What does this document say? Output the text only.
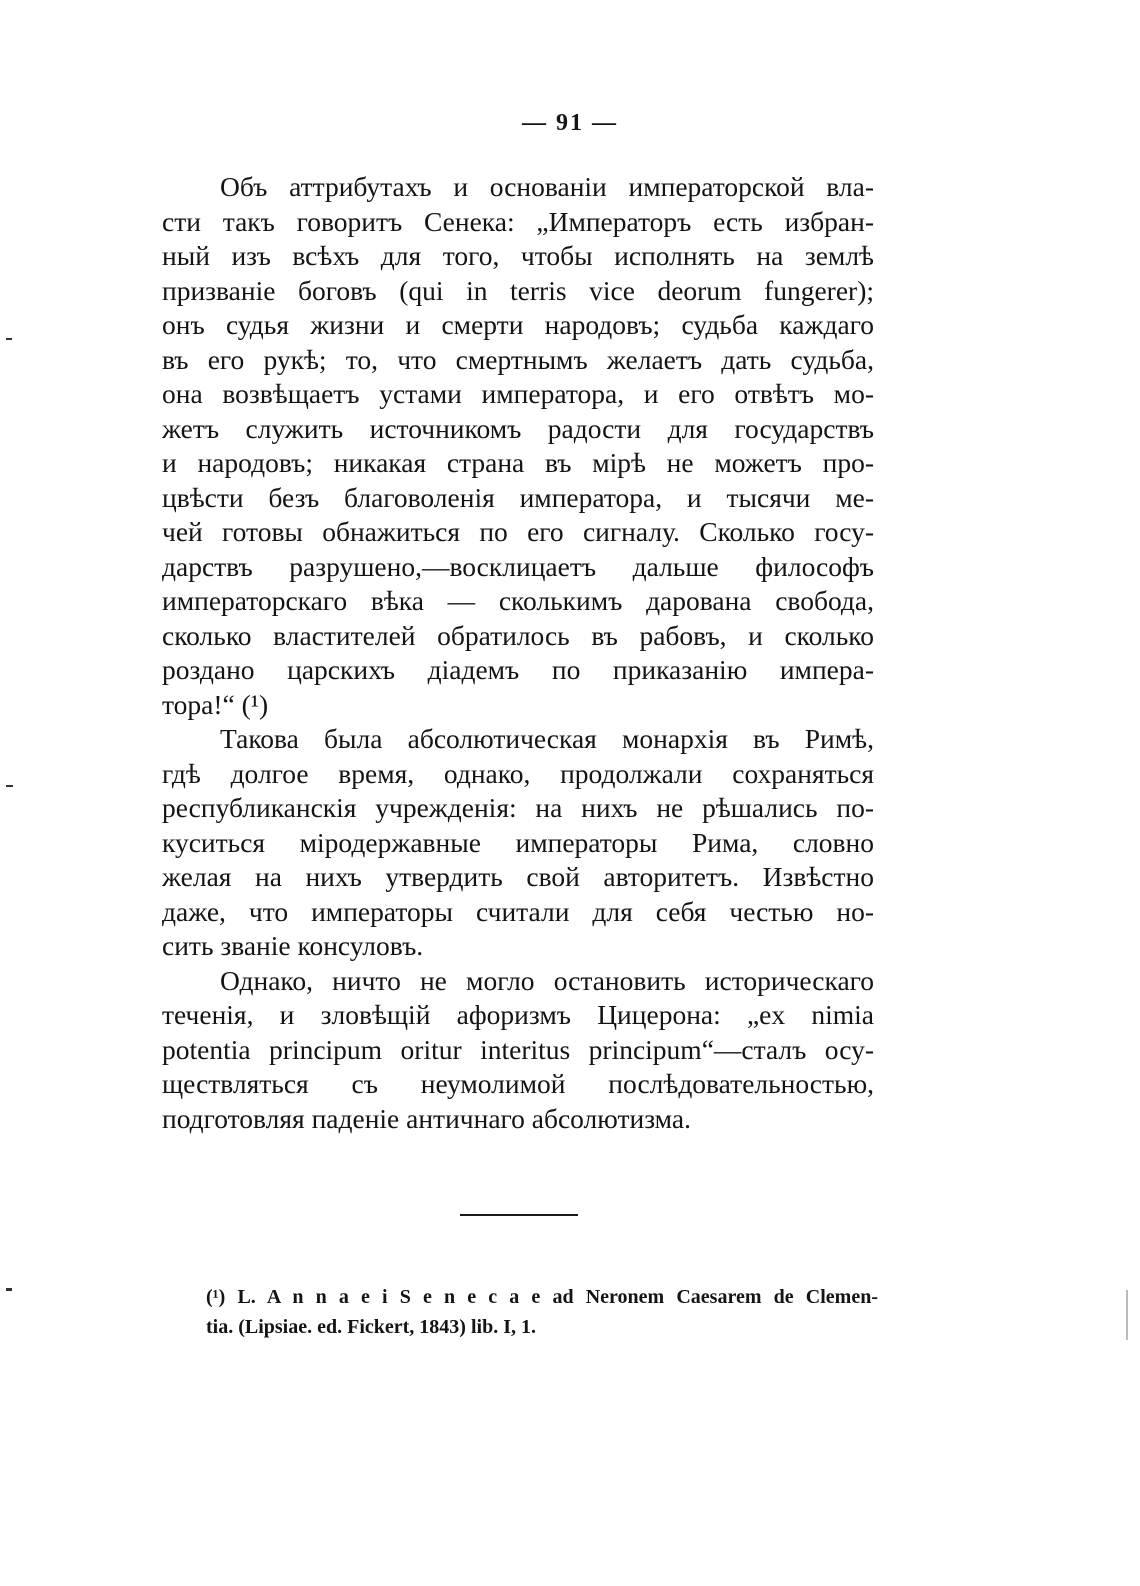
— 91 —
Объ аттрибутахъ и основанiи императорской вла-
сти такъ говоритъ Сенека: „Императоръ есть избран-
ный изъ всѣхъ для того, чтобы исполнять на землѣ
призванiе боговъ (qui in terris vice deorum fungerer);
онъ судья жизни и смерти народовъ; судьба каждаго
въ его рукѣ; то, что смертнымъ желаетъ дать судьба,
она возвѣщаетъ устами императора, и его отвѣтъ мо-
жетъ служить источникомъ радости для государствъ
и народовъ; никакая страна въ мiрѣ не можетъ про-
цвѣсти безъ благоволенiя императора, и тысячи ме-
чей готовы обнажиться по его сигналу. Сколько госу-
дарствъ разрушено,—восклицаетъ дальше философъ
императорскаго вѣка — сколькимъ дарована свобода,
сколько властителей обратилось въ рабовъ, и сколько
роздано царскихъ дiадемъ по приказанiю импера-
тора!“ (¹)
Такова была абсолютическая монархiя въ Римѣ,
гдѣ долгое время, однако, продолжали сохраняться
республиканскiя учрежденiя: на нихъ не рѣшались по-
куситься мiродержавные императоры Рима, словно
желая на нихъ утвердить свой авторитетъ. Извѣстно
даже, что императоры считали для себя честью но-
сить званiе консуловъ.
Однако, ничто не могло остановить историческаго
теченiя, и зловѣщiй афоризмъ Цицерона: „ex nimia
potentia principum oritur interitus principum“—сталъ осу-
ществляться съ неумолимой послѣдовательностью,
подготовляя паденiе античнаго абсолютизма.
(¹) L. A n n a e i S e n e c a e ad Neronem Caesarem de Clemen-
tia. (Lipsiae. ed. Fickert, 1843) lib. I, 1.
